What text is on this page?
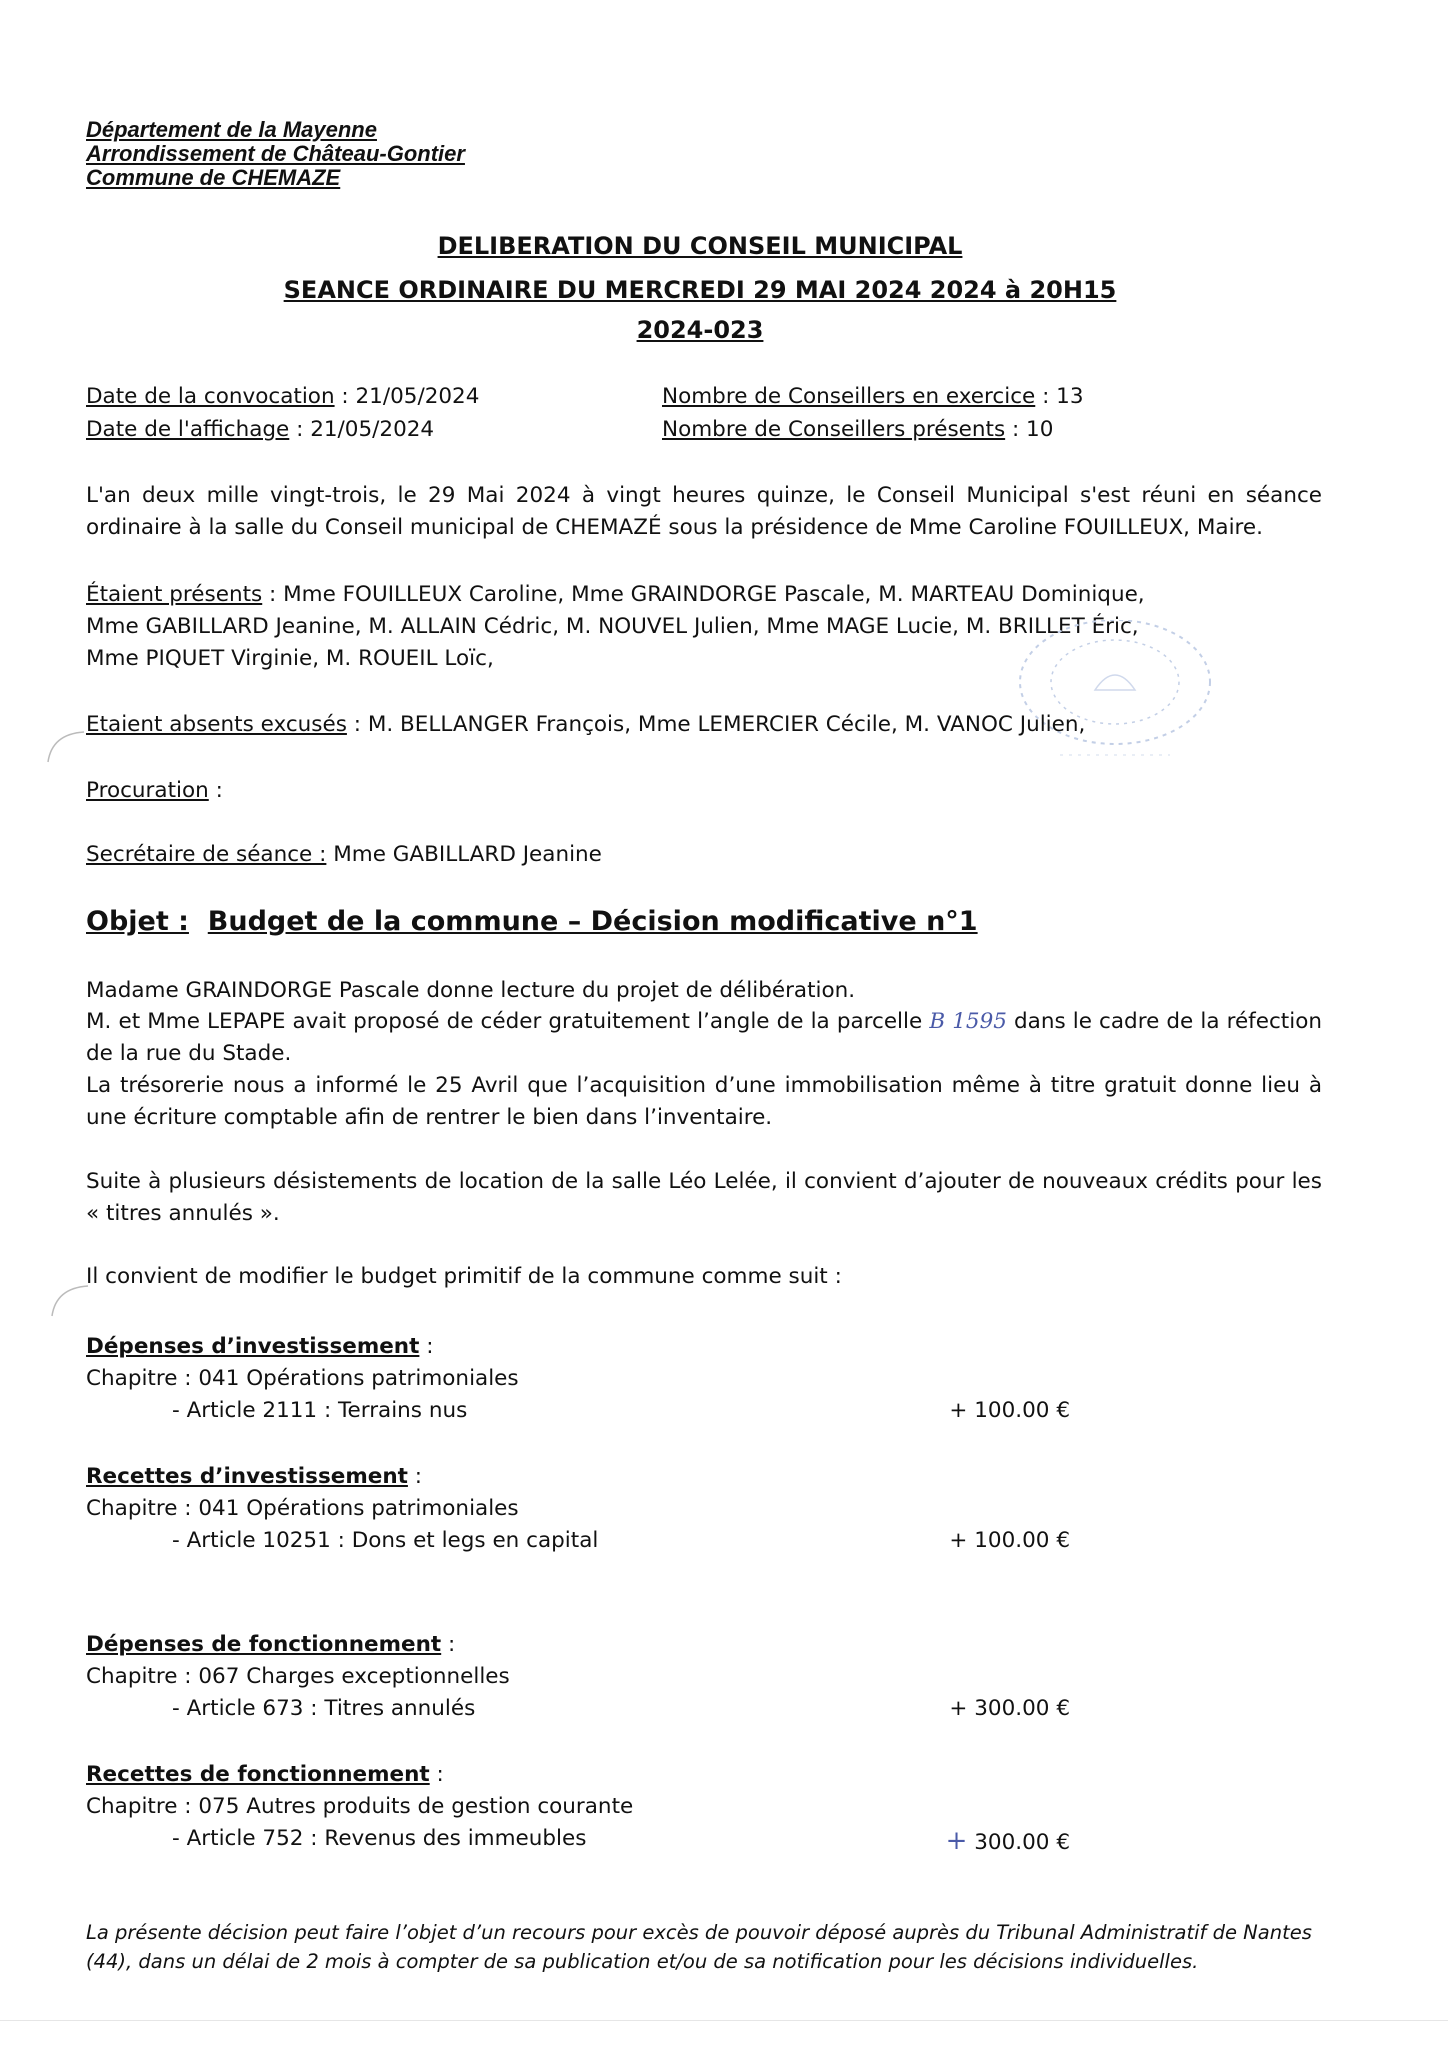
Département de la Mayenne
Arrondissement de Château-Gontier
Commune de CHEMAZE
DELIBERATION DU CONSEIL MUNICIPAL
SEANCE ORDINAIRE DU MERCREDI 29 MAI 2024 2024 à 20H15
2024-023
Date de la convocation : 21/05/2024
Date de l'affichage : 21/05/2024
Nombre de Conseillers en exercice : 13
Nombre de Conseillers présents : 10
L'an deux mille vingt-trois, le 29 Mai 2024 à vingt heures quinze, le Conseil Municipal s'est réuni en séance ordinaire à la salle du Conseil municipal de CHEMAZÉ sous la présidence de Mme Caroline FOUILLEUX, Maire.
Étaient présents : Mme FOUILLEUX Caroline, Mme GRAINDORGE Pascale, M. MARTEAU Dominique,
Mme GABILLARD Jeanine, M. ALLAIN Cédric, M. NOUVEL Julien, Mme MAGE Lucie, M. BRILLET Éric,
Mme PIQUET Virginie, M. ROUEIL Loïc,
Etaient absents excusés : M. BELLANGER François, Mme LEMERCIER Cécile, M. VANOC Julien,
Procuration :
Secrétaire de séance : Mme GABILLARD Jeanine
Objet : Budget de la commune – Décision modificative n°1
Madame GRAINDORGE Pascale donne lecture du projet de délibération.
M. et Mme LEPAPE avait proposé de céder gratuitement l’angle de la parcelle B 1595 dans le cadre de la réfection de la rue du Stade.
La trésorerie nous a informé le 25 Avril que l’acquisition d’une immobilisation même à titre gratuit donne lieu à une écriture comptable afin de rentrer le bien dans l’inventaire.
Suite à plusieurs désistements de location de la salle Léo Lelée, il convient d’ajouter de nouveaux crédits pour les « titres annulés ».
Il convient de modifier le budget primitif de la commune comme suit :
Dépenses d’investissement :
Chapitre : 041 Opérations patrimoniales
- Article 2111 : Terrains nus	+ 100.00 €
Recettes d’investissement :
Chapitre : 041 Opérations patrimoniales
- Article 10251 : Dons et legs en capital	+ 100.00 €
Dépenses de fonctionnement :
Chapitre : 067 Charges exceptionnelles
- Article 673 : Titres annulés	+ 300.00 €
Recettes de fonctionnement :
Chapitre : 075 Autres produits de gestion courante
- Article 752 : Revenus des immeubles	+ 300.00 €
La présente décision peut faire l’objet d’un recours pour excès de pouvoir déposé auprès du Tribunal Administratif de Nantes (44), dans un délai de 2 mois à compter de sa publication et/ou de sa notification pour les décisions individuelles.
